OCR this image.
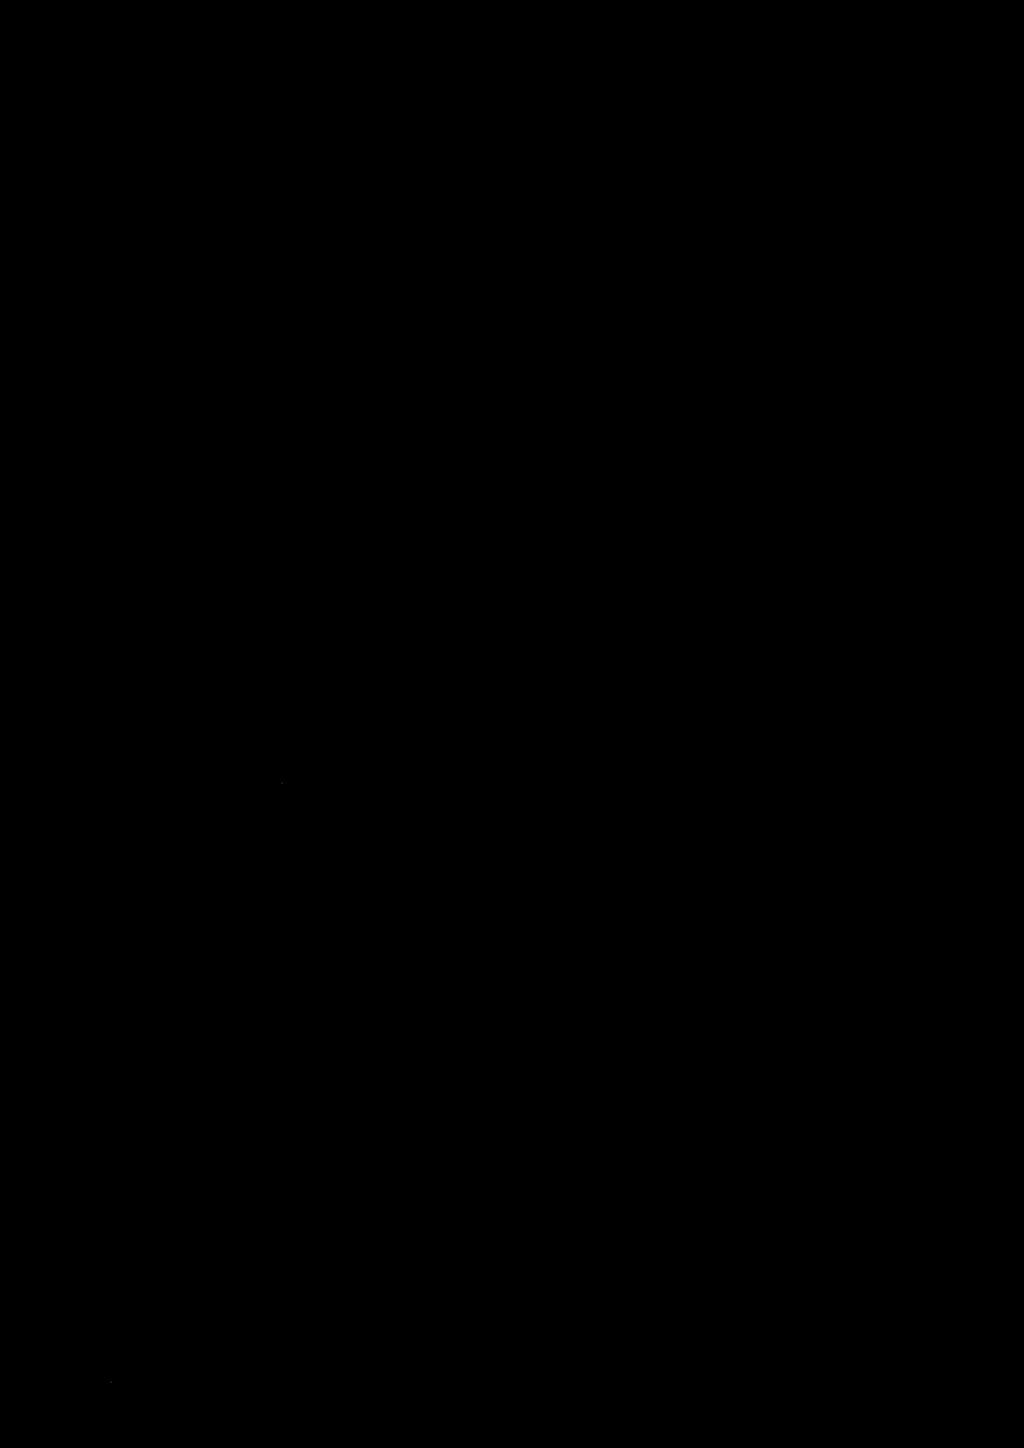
2 (2)

grundlön, chefstillägg, lönekostnadspåslag och övriga kostnader förknippade med anställning. Från detta belopp ska dras den kostnad som de inspektörer som blir de nya cheferna redan utgör. Nettokostnaden är därför ungefär 500.000 kr per år och består främst av högre lön.

Till nettokostnaden måste en kostnad på grund av att tillsynsverksamheten minskar adderas. Kostnaden beror på att intäkterna i form av tillsynsavgifter minskar. Denna extra kostnad är dock svår att ge en prognos för. Orsaken till svårigheten är att den förstärkta ledningsstrukturen resulterar i att intäkter genom tillsynsavgift per anställd ökar.

Finansieringen görs inom befintlig budget.

Den nya ledningsstrukturen utvärderas senast september 2018. Det bör då fastställas hur stora nyttor förstärkningen resulterat i. Även minskningen av resurser för tillsynsverksamheten bör utvärderas vid samma tidpunkt.

Barnkonventionen

Ärendet berör inte direkt barn i enlighet med FN:s konvention om barnets rättigheter. Indirekt kan förstärkningen leda till att barn gynnas genom minskad ohälsa och stress inom förvaltningen samt att förvaltningens tillsynsverksamhet effektiviseras.

Miljö- och hälsoskyddschef
